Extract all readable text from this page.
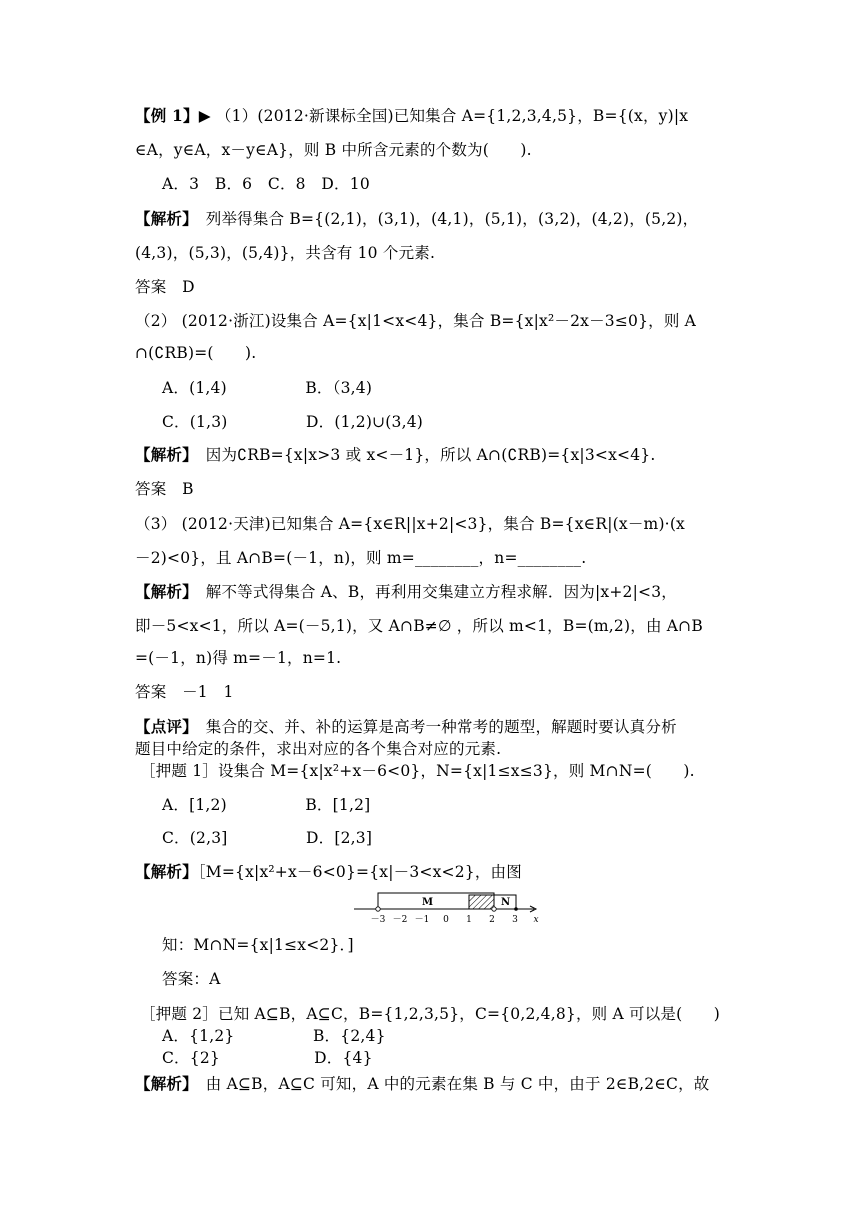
【例 1】▶ （1）(2012·新课标全国)已知集合 A={1,2,3,4,5}，B={(x，y)|x
∈A，y∈A，x－y∈A}，则 B 中所含元素的个数为(　　).
A．3　B．6　C．8　D．10
【解析】　列举得集合 B={(2,1)，(3,1)，(4,1)，(5,1)，(3,2)，(4,2)，(5,2)，
(4,3)，(5,3)，(5,4)}，共含有 10 个元素.
答案　D
（2） (2012·浙江)设集合 A={x|1<x<4}，集合 B={x|x²－2x－3≤0}，则 A
∩(∁RB)=(　　).
A．(1,4)　　　　　B．（3,4)
C．(1,3)　　　　　D．(1,2)∪(3,4)
【解析】　因为∁RB={x|x>3 或 x<－1}，所以 A∩(∁RB)={x|3<x<4}.
答案　B
（3） (2012·天津)已知集合 A={x∈R||x+2|<3}，集合 B={x∈R|(x－m)·(x
－2)<0}，且 A∩B=(－1，n)，则 m=________，n=________.
【解析】　解不等式得集合 A、B，再利用交集建立方程求解．因为|x+2|<3，
即－5<x<1，所以 A=(－5,1)，又 A∩B≠∅ ，所以 m<1，B=(m,2)，由 A∩B
=(－1，n)得 m=－1，n=1.
答案　－1　1
【点评】　集合的交、并、补的运算是高考一种常考的题型，解题时要认真分析
题目中给定的条件，求出对应的各个集合对应的元素.
［押题 1］设集合 M={x|x²+x－6<0}，N={x|1≤x≤3}，则 M∩N=(　　).
A．[1,2)　　　　　B．[1,2]
C．(2,3]　　　　　D．[2,3]
【解析】［M={x|x²+x－6<0}={x|－3<x<2}，由图
M	N
－3 －2 －1 0 1 2 3 x
知：M∩N={x|1≤x<2}．]
答案：A
［押题 2］已知 A⊆B，A⊆C，B={1,2,3,5}，C={0,2,4,8}，则 A 可以是(　　)
A．{1,2}　　　　　B．{2,4}
C．{2}　　　　　　D．{4}
【解析】　由 A⊆B，A⊆C 可知，A 中的元素在集 B 与 C 中，由于 2∈B,2∈C，故
